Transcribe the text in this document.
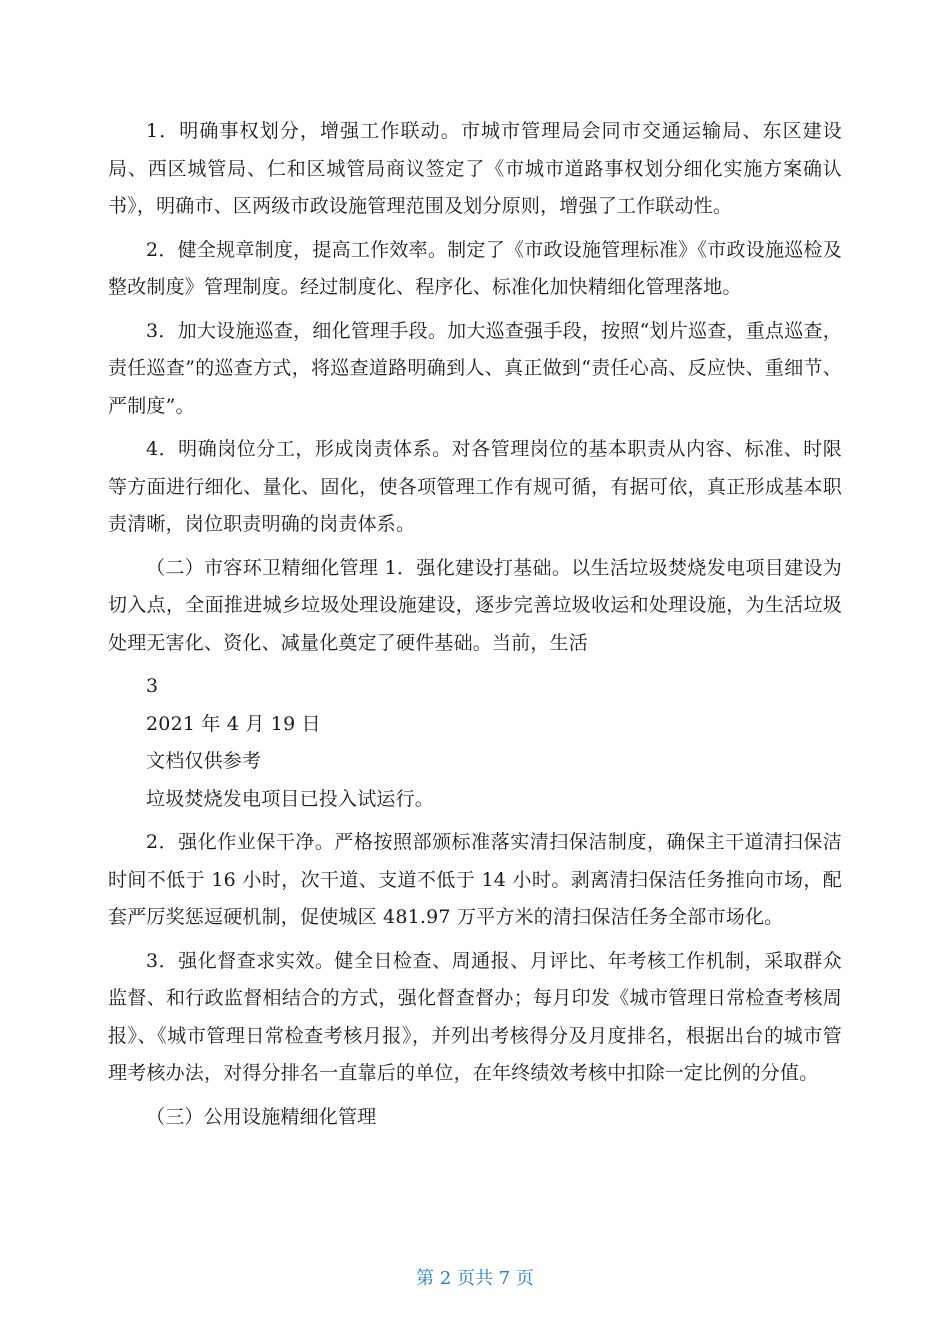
1．明确事权划分，增强工作联动。市城市管理局会同市交通运输局、东区建设局、西区城管局、仁和区城管局商议签定了《市城市道路事权划分细化实施方案确认书》，明确市、区两级市政设施管理范围及划分原则，增强了工作联动性。

2．健全规章制度，提高工作效率。制定了《市政设施管理标准》《市政设施巡检及整改制度》管理制度。经过制度化、程序化、标准化加快精细化管理落地。

3．加大设施巡查，细化管理手段。加大巡查强手段，按照“划片巡查，重点巡查，责任巡查”的巡查方式，将巡查道路明确到人、真正做到“责任心高、反应快、重细节、严制度”。

4．明确岗位分工，形成岗责体系。对各管理岗位的基本职责从内容、标准、时限等方面进行细化、量化、固化，使各项管理工作有规可循，有据可依，真正形成基本职责清晰，岗位职责明确的岗责体系。

（二）市容环卫精细化管理 1．强化建设打基础。以生活垃圾焚烧发电项目建设为切入点，全面推进城乡垃圾处理设施建设，逐步完善垃圾收运和处理设施，为生活垃圾处理无害化、资化、减量化奠定了硬件基础。当前，生活

3

2021 年 4 月 19 日

文档仅供参考

垃圾焚烧发电项目已投入试运行。

2．强化作业保干净。严格按照部颁标准落实清扫保洁制度，确保主干道清扫保洁时间不低于 16 小时，次干道、支道不低于 14 小时。剥离清扫保洁任务推向市场，配套严厉奖惩逗硬机制，促使城区 481.97 万平方米的清扫保洁任务全部市场化。

3．强化督查求实效。健全日检查、周通报、月评比、年考核工作机制，采取群众监督、和行政监督相结合的方式，强化督查督办；每月印发《城市管理日常检查考核周报》、《城市管理日常检查考核月报》，并列出考核得分及月度排名，根据出台的城市管理考核办法，对得分排名一直靠后的单位，在年终绩效考核中扣除一定比例的分值。

（三）公用设施精细化管理

第 2 页共 7 页
